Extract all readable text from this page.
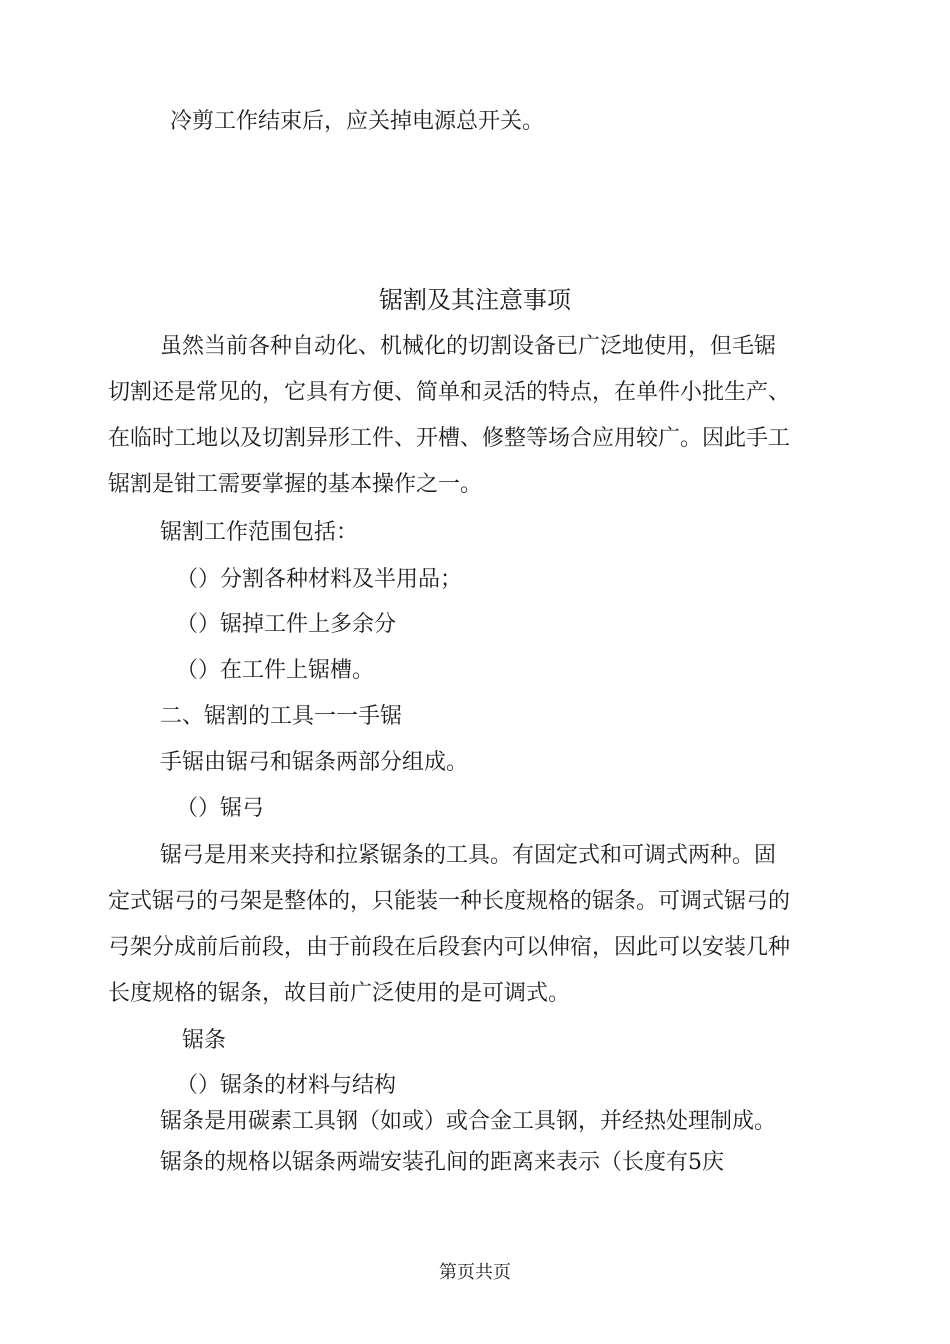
冷剪工作结束后，应关掉电源总开关。

锯割及其注意事项

虽然当前各种自动化、机械化的切割设备已广泛地使用，但毛锯

切割还是常见的，它具有方便、简单和灵活的特点，在单件小批生产、

在临时工地以及切割异形工件、开槽、修整等场合应用较广。因此手工

锯割是钳工需要掌握的基本操作之一。

锯割工作范围包括：

（）分割各种材料及半用品；

（）锯掉工件上多余分

（）在工件上锯槽。

二、锯割的工具一一手锯

手锯由锯弓和锯条两部分组成。

（）锯弓

锯弓是用来夹持和拉紧锯条的工具。有固定式和可调式两种。固

定式锯弓的弓架是整体的，只能装一种长度规格的锯条。可调式锯弓的

弓架分成前后前段，由于前段在后段套内可以伸宿，因此可以安装几种

长度规格的锯条，故目前广泛使用的是可调式。

锯条

（）锯条的材料与结构

锯条是用碳素工具钢（如或）或合金工具钢，并经热处理制成。

锯条的规格以锯条两端安装孔间的距离来表示（长度有5庆

第页共页
